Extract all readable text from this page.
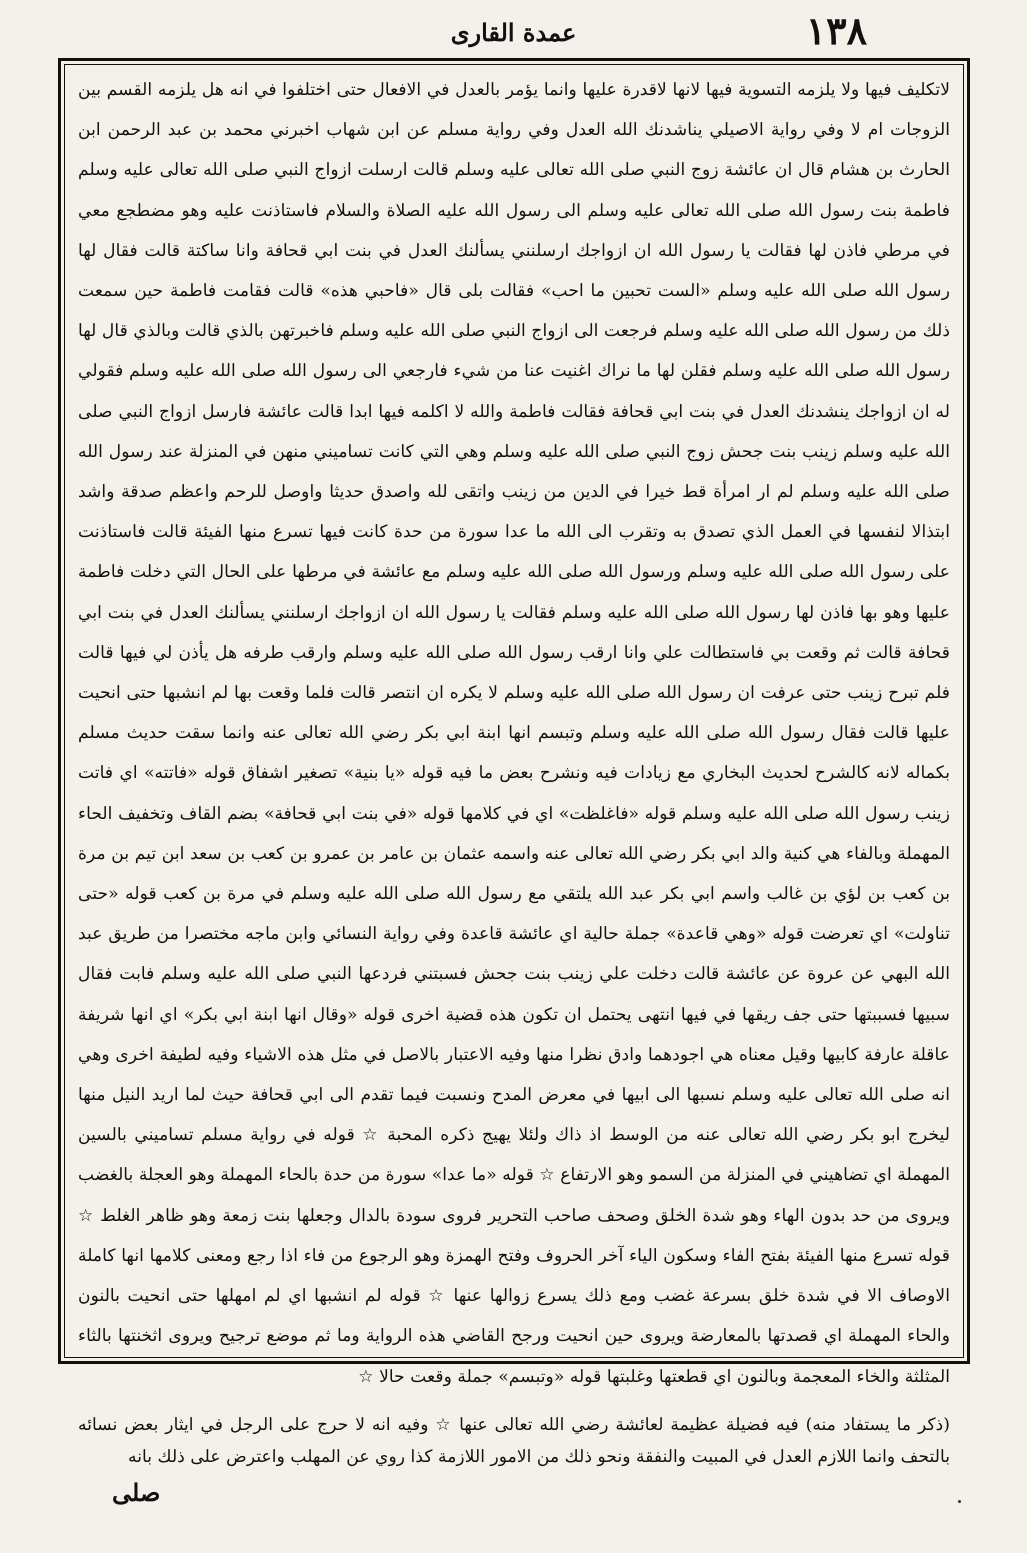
١٣٨
عمدة القاری

لاتكليف فيها ولا يلزمه التسوية فيها لانها لاقدرة عليها وانما يؤمر بالعدل في الافعال حتى اختلفوا في انه هل يلزمه القسم بين الزوجات ام لا وفي رواية الاصيلي يناشدنك الله العدل وفي رواية مسلم عن ابن شهاب اخبرني محمد بن عبد الرحمن ابن الحارث بن هشام قال ان عائشة زوج النبي صلى الله تعالى عليه وسلم قالت ارسلت ازواج النبي صلى الله تعالى عليه وسلم فاطمة بنت رسول الله صلى الله تعالى عليه وسلم الى رسول الله عليه الصلاة والسلام فاستاذنت عليه وهو مضطجع معي في مرطي فاذن لها فقالت يا رسول الله ان ازواجك ارسلنني يسألنك العدل في بنت ابي قحافة وانا ساكتة قالت فقال لها رسول الله صلى الله عليه وسلم «الست تحبين ما احب» فقالت بلى قال «فاحبي هذه» قالت فقامت فاطمة حين سمعت ذلك من رسول الله صلى الله عليه وسلم فرجعت الى ازواج النبي صلى الله عليه وسلم فاخبرتهن بالذي قالت وبالذي قال لها رسول الله صلى الله عليه وسلم فقلن لها ما نراك اغنيت عنا من شيء فارجعي الى رسول الله صلى الله عليه وسلم فقولي له ان ازواجك ينشدنك العدل في بنت ابي قحافة فقالت فاطمة والله لا اكلمه فيها ابدا قالت عائشة فارسل ازواج النبي صلى الله عليه وسلم زينب بنت جحش زوج النبي صلى الله عليه وسلم وهي التي كانت تساميني منهن في المنزلة عند رسول الله صلى الله عليه وسلم لم ار امرأة قط خيرا في الدين من زينب واتقى لله واصدق حديثا واوصل للرحم واعظم صدقة واشد ابتذالا لنفسها في العمل الذي تصدق به وتقرب الى الله ما عدا سورة من حدة كانت فيها تسرع منها الفيئة قالت فاستاذنت على رسول الله صلى الله عليه وسلم ورسول الله صلى الله عليه وسلم مع عائشة في مرطها على الحال التي دخلت فاطمة عليها وهو بها فاذن لها رسول الله صلى الله عليه وسلم فقالت يا رسول الله ان ازواجك ارسلنني يسألنك العدل في بنت ابي قحافة قالت ثم وقعت بي فاستطالت علي وانا ارقب رسول الله صلى الله عليه وسلم وارقب طرفه هل يأذن لي فيها قالت فلم تبرح زينب حتى عرفت ان رسول الله صلى الله عليه وسلم لا يكره ان انتصر قالت فلما وقعت بها لم انشبها حتى انحيت عليها قالت فقال رسول الله صلى الله عليه وسلم وتبسم انها ابنة ابي بكر رضي الله تعالى عنه وانما سقت حديث مسلم بكماله لانه كالشرح لحديث البخاري مع زيادات فيه ونشرح بعض ما فيه قوله «يا بنية» تصغير اشفاق قوله «فاتته» اي فاتت زينب رسول الله صلى الله عليه وسلم قوله «فاغلظت» اي في كلامها قوله «في بنت ابي قحافة» بضم القاف وتخفيف الحاء المهملة وبالفاء هي كنية والد ابي بكر رضي الله تعالى عنه واسمه عثمان بن عامر بن عمرو بن كعب بن سعد ابن تيم بن مرة بن كعب بن لؤي بن غالب واسم ابي بكر عبد الله يلتقي مع رسول الله صلى الله عليه وسلم في مرة بن كعب قوله «حتى تناولت» اي تعرضت قوله «وهي قاعدة» جملة حالية اي عائشة قاعدة وفي رواية النسائي وابن ماجه مختصرا من طريق عبد الله البهي عن عروة عن عائشة قالت دخلت علي زينب بنت جحش فسبتني فردعها النبي صلى الله عليه وسلم فابت فقال سبيها فسببتها حتى جف ريقها في فيها انتهى يحتمل ان تكون هذه قضية اخرى قوله «وقال انها ابنة ابي بكر» اي انها شريفة عاقلة عارفة كابيها وقيل معناه هي اجودهما وادق نظرا منها وفيه الاعتبار بالاصل في مثل هذه الاشياء وفيه لطيفة اخرى وهي انه صلى الله تعالى عليه وسلم نسبها الى ابيها في معرض المدح ونسبت فيما تقدم الى ابي قحافة حيث لما اريد النيل منها ليخرج ابو بكر رضي الله تعالى عنه من الوسط اذ ذاك ولئلا يهيج ذكره المحبة ☆ قوله في رواية مسلم تساميني بالسين المهملة اي تضاهيني في المنزلة من السمو وهو الارتفاع ☆ قوله «ما عدا» سورة من حدة بالحاء المهملة وهو العجلة بالغضب ويروى من حد بدون الهاء وهو شدة الخلق وصحف صاحب التحرير فروى سودة بالدال وجعلها بنت زمعة وهو ظاهر الغلط ☆ قوله تسرع منها الفيئة بفتح الفاء وسكون الياء آخر الحروف وفتح الهمزة وهو الرجوع من فاء اذا رجع ومعنى كلامها انها كاملة الاوصاف الا في شدة خلق بسرعة غضب ومع ذلك يسرع زوالها عنها ☆ قوله لم انشبها اي لم امهلها حتى انحيت بالنون والحاء المهملة اي قصدتها بالمعارضة ويروى حين انحيت ورجح القاضي هذه الرواية وما ثم موضع ترجيح ويروى اثخنتها بالثاء المثلثة والخاء المعجمة وبالنون اي قطعتها وغلبتها قوله «وتبسم» جملة وقعت حالا ☆

(ذكر ما يستفاد منه) فيه فضيلة عظيمة لعائشة رضي الله تعالى عنها ☆ وفيه انه لا حرج على الرجل في ايثار بعض نسائه بالتحف وانما اللازم العدل في المبيت والنفقة ونحو ذلك من الامور اللازمة كذا روي عن المهلب واعترض على ذلك بانه

صلی
